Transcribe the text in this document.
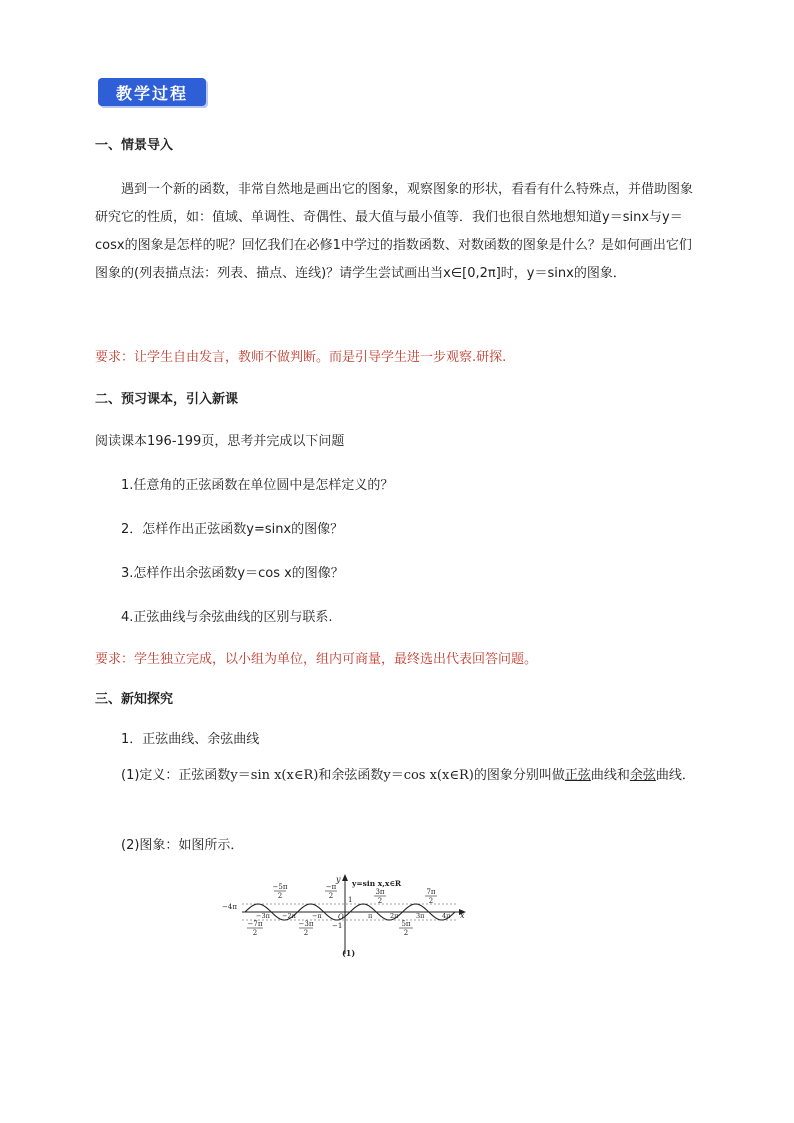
教学过程
一、情景导入

遇到一个新的函数，非常自然地是画出它的图象，观察图象的形状，看看有什么特殊点，并借助图象研究它的性质，如：值域、单调性、奇偶性、最大值与最小值等．我们也很自然地想知道y＝sinx与y＝cosx的图象是怎样的呢？回忆我们在必修1中学过的指数函数、对数函数的图象是什么？是如何画出它们图象的(列表描点法：列表、描点、连线)？请学生尝试画出当x∈[0,2π]时，y＝sinx的图象．

要求：让学生自由发言，教师不做判断。而是引导学生进一步观察.研探.
二、预习课本，引入新课
阅读课本196-199页，思考并完成以下问题
1.任意角的正弦函数在单位圆中是怎样定义的？
2．怎样作出正弦函数y=sinx的图像？
3.怎样作出余弦函数y＝cos x的图像？
4.正弦曲线与余弦曲线的区别与联系.
要求：学生独立完成，以小组为单位，组内可商量，最终选出代表回答问题。
三、新知探究
1．正弦曲线、余弦曲线

(1)定义：正弦函数y＝sin x(x∈R)和余弦函数y＝cos x(x∈R)的图象分别叫做正弦曲线和余弦曲线．

(2)图象：如图所示．
x
y y=sin x,x∈R
O
1
−1
−5π
2
−π
2	3π
2
7π
2
−7π
2
−3π
2
5π
2
−4π
−3π −2π −π	π	2π	3π	4π
(1)
